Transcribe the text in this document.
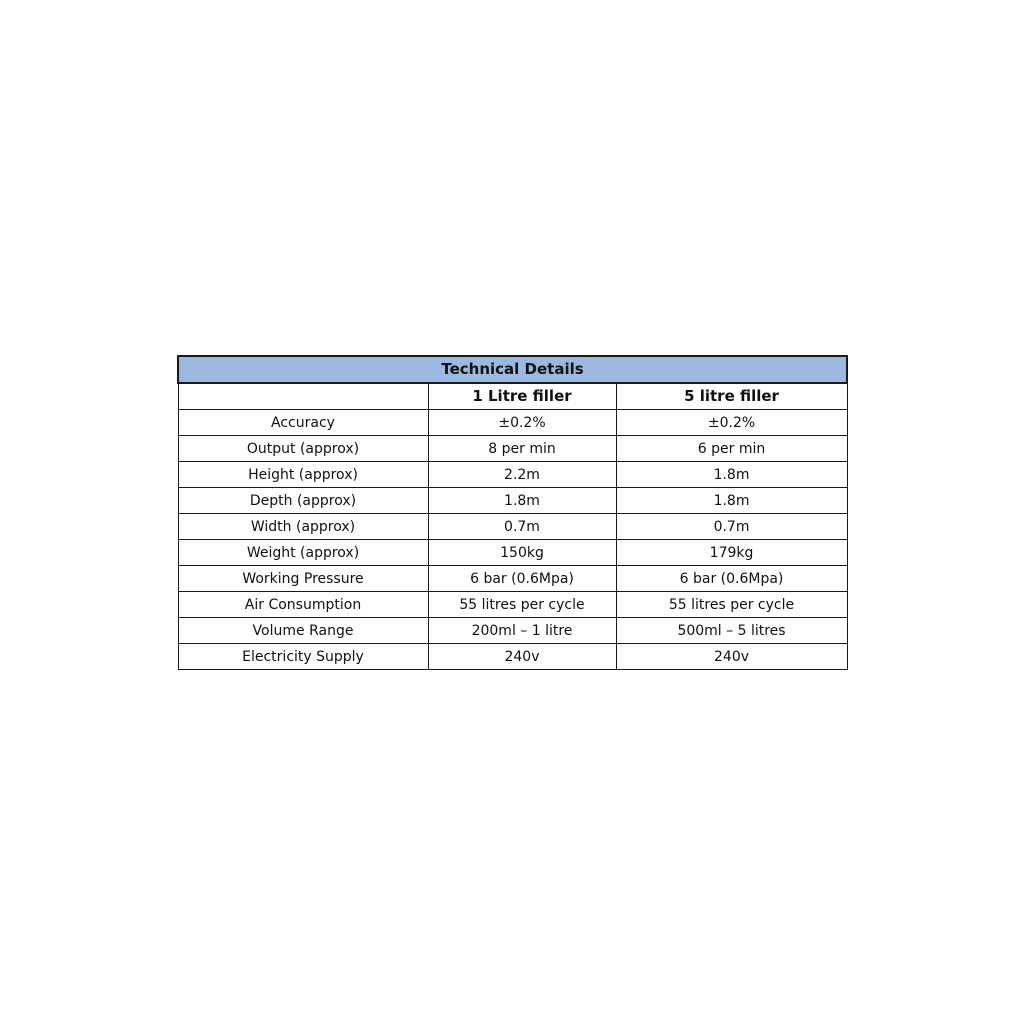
Technical Details		
	1 Litre filler	5 litre filler
Accuracy	±0.2%	±0.2%
Output (approx)	8 per min	6 per min
Height (approx)	2.2m	1.8m
Depth (approx)	1.8m	1.8m
Width (approx)	0.7m	0.7m
Weight (approx)	150kg	179kg
Working Pressure	6 bar (0.6Mpa)	6 bar (0.6Mpa)
Air Consumption	55 litres per cycle	55 litres per cycle
Volume Range	200ml – 1 litre	500ml – 5 litres
Electricity Supply	240v	240v
